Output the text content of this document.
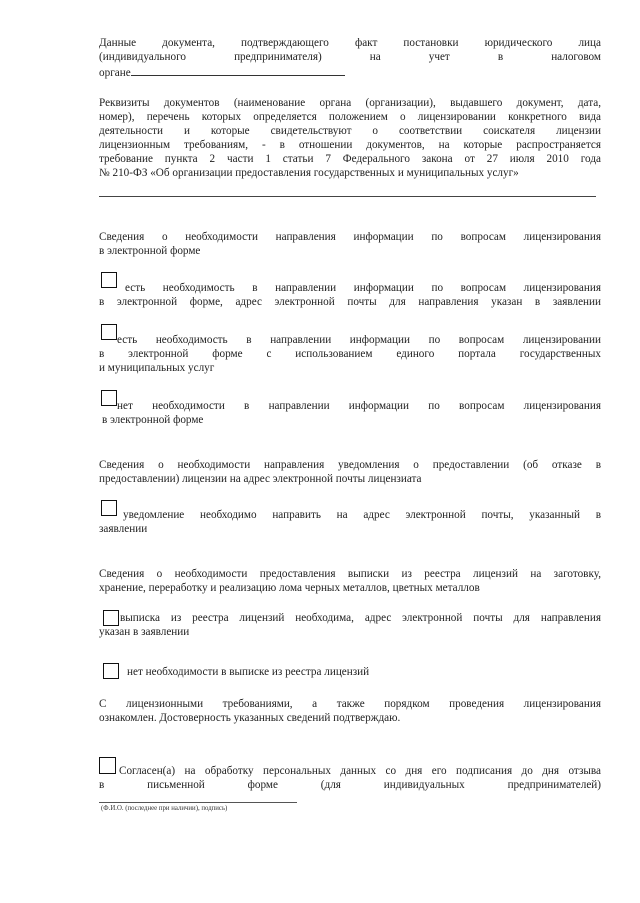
Данные документа, подтверждающего факт постановки юридического лица
(индивидуального предпринимателя) на учет в налоговом
органе
Реквизиты документов (наименование органа (организации), выдавшего документ, дата,
номер), перечень которых определяется положением о лицензировании конкретного вида
деятельности и которые свидетельствуют о соответствии соискателя лицензии
лицензионным требованиям, - в отношении документов, на которые распространяется
требование пункта 2 части 1 статьи 7 Федерального закона от 27 июля 2010 года
№ 210-ФЗ «Об организации предоставления государственных и муниципальных услуг»
Сведения о необходимости направления информации по вопросам лицензирования
в электронной форме
есть необходимость в направлении информации по вопросам лицензирования
в электронной форме, адрес электронной почты для направления указан в заявлении
есть необходимость в направлении информации по вопросам лицензировании
в электронной форме с использованием единого портала государственных
и муниципальных услуг
нет необходимости в направлении информации по вопросам лицензирования
в электронной форме
Сведения о необходимости направления уведомления о предоставлении (об отказе в
предоставлении) лицензии на адрес электронной почты лицензиата
уведомление необходимо направить на адрес электронной почты, указанный в
заявлении
Сведения о необходимости предоставления выписки из реестра лицензий на заготовку,
хранение, переработку и реализацию лома черных металлов, цветных металлов
выписка из реестра лицензий необходима, адрес электронной почты для направления
указан в заявлении
нет необходимости в выписке из реестра лицензий
С лицензионными требованиями, а также порядком проведения лицензирования
ознакомлен. Достоверность указанных сведений подтверждаю.
Согласен(а) на обработку персональных данных со дня его подписания до дня отзыва
в письменной форме (для индивидуальных предпринимателей)
(Ф.И.О. (последнее при наличии), подпись)
